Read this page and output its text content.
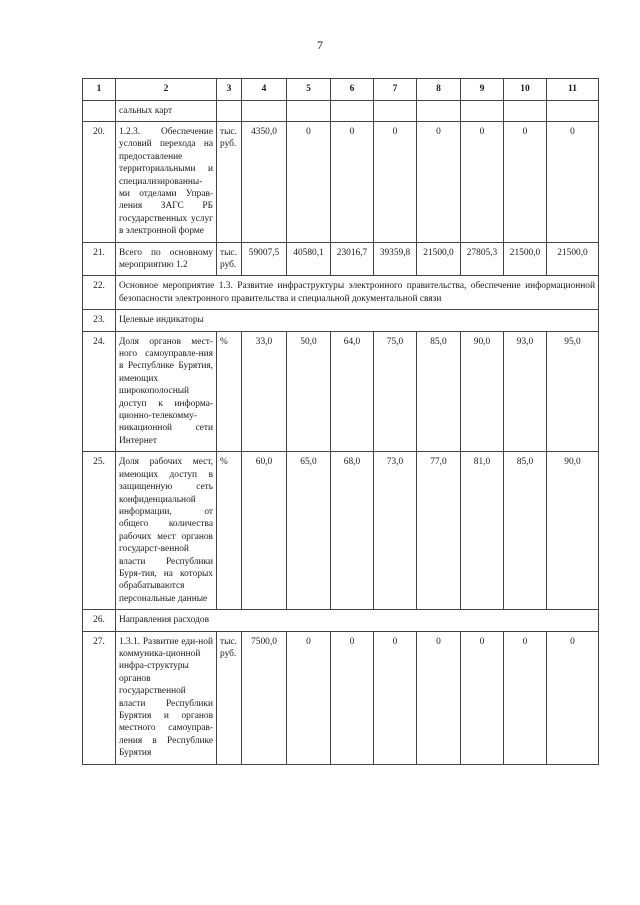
7
1	2	3	4	5	6	7	8	9	10	11
	сальных карт									
20.	1.2.3. Обеспечение условий перехода на предоставление территориальными и специализированны-ми отделами Управ-ления ЗАГС РБ государственных услуг в электронной форме	тыс. руб.	4350,0	0	0	0	0	0	0	0
21.	Всего по основному мероприятию 1.2	тыс. руб.	59007,5	40580,1	23016,7	39359,8	21500,0	27805,3	21500,0	21500,0
22.	Основное мероприятие 1.3. Развитие инфраструктуры электронного правительства, обеспечение информационной безопасности электронного правительства и специальной документальной связи									
23.	Целевые индикаторы									
24.	Доля органов мест-ного самоуправле-ния в Республике Бурятия, имеющих широкополосный доступ к информа-ционно-телекомму-никационной сети Интернет	%	33,0	50,0	64,0	75,0	85,0	90,0	93,0	95,0
25.	Доля рабочих мест, имеющих доступ в защищенную сеть конфиденциальной информации, от общего количества рабочих мест органов государст-венной власти Республики Буря-тия, на которых обрабатываются персональные данные	%	60,0	65,0	68,0	73,0	77,0	81,0	85,0	90,0
26.	Направления расходов									
27.	1.3.1. Развитие еди-ной коммуника-ционной инфра-структуры органов государственной власти Республики Бурятия и органов местного самоуправ-ления в Республике Бурятия	тыс. руб.	7500,0	0	0	0	0	0	0	0
